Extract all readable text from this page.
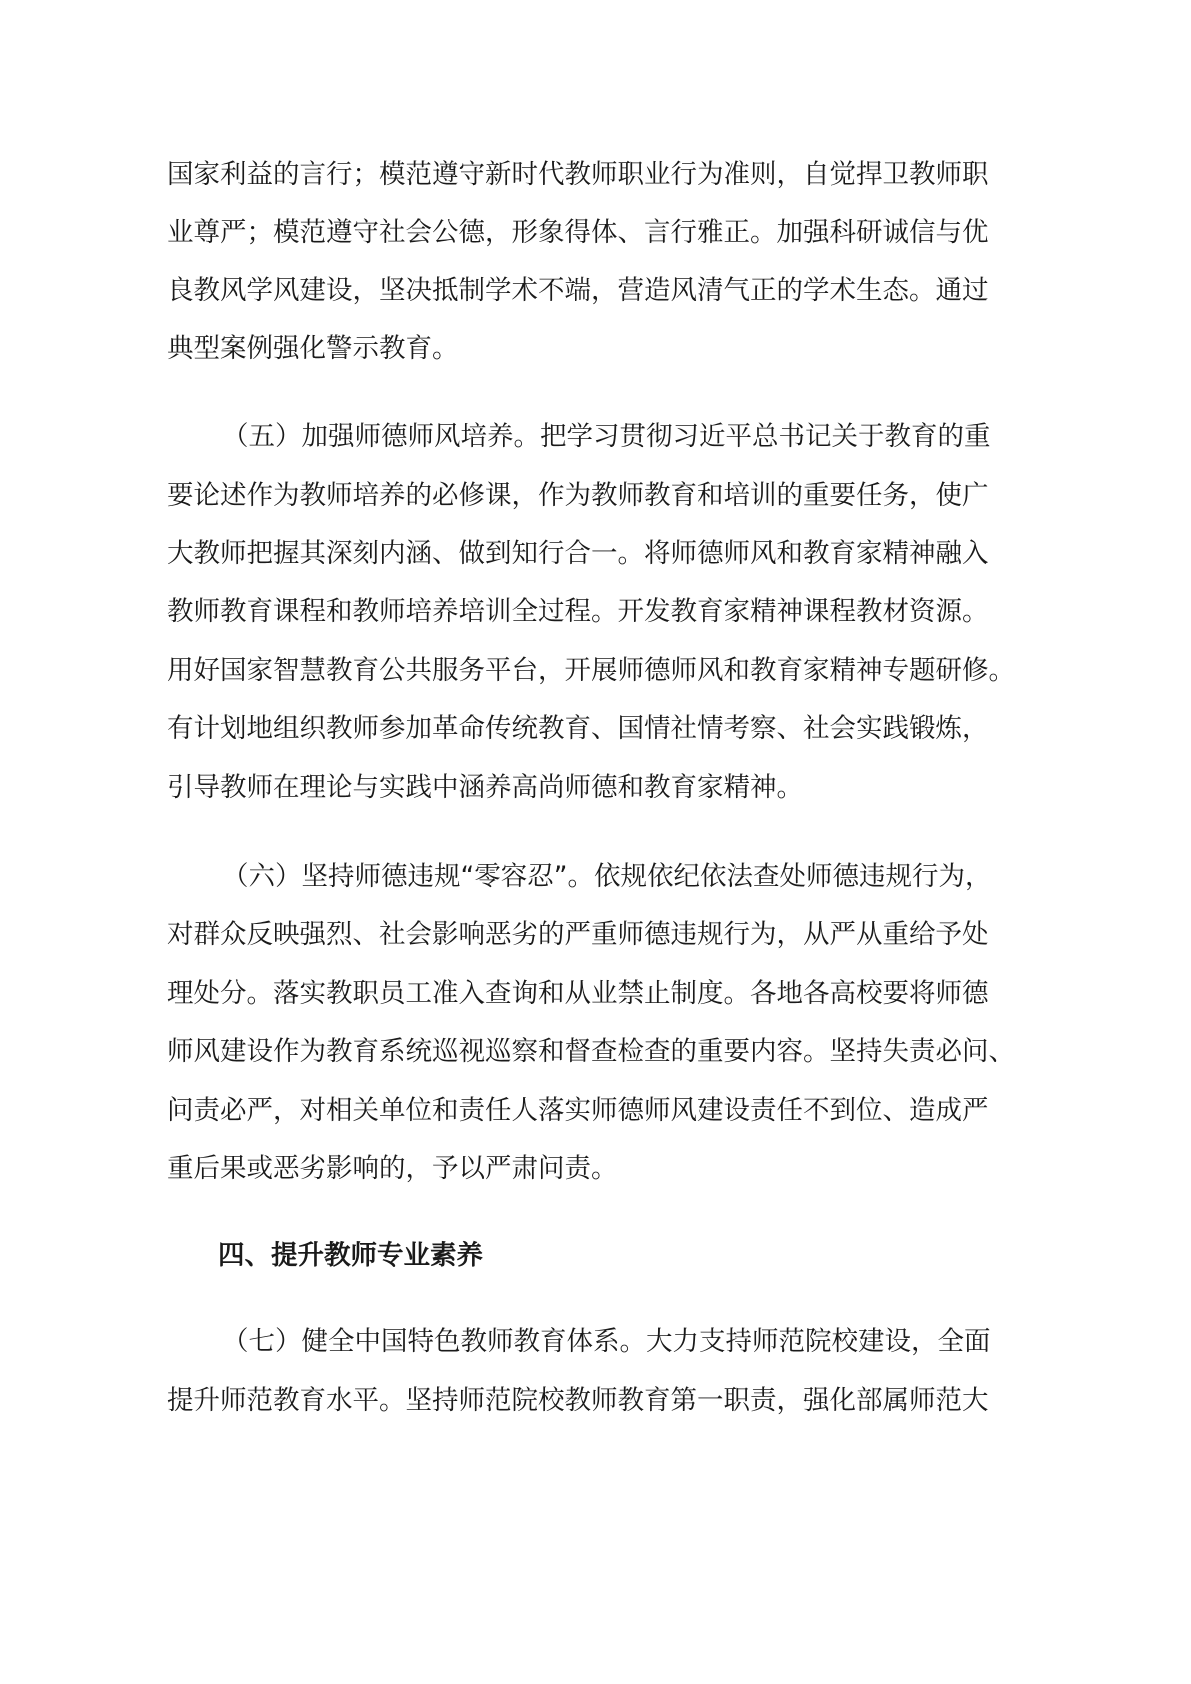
国家利益的言行；模范遵守新时代教师职业行为准则，自觉捍卫教师职
业尊严；模范遵守社会公德，形象得体、言行雅正。加强科研诚信与优
良教风学风建设，坚决抵制学术不端，营造风清气正的学术生态。通过
典型案例强化警示教育。
（五）加强师德师风培养。把学习贯彻习近平总书记关于教育的重
要论述作为教师培养的必修课，作为教师教育和培训的重要任务，使广
大教师把握其深刻内涵、做到知行合一。将师德师风和教育家精神融入
教师教育课程和教师培养培训全过程。开发教育家精神课程教材资源。
用好国家智慧教育公共服务平台，开展师德师风和教育家精神专题研修。
有计划地组织教师参加革命传统教育、国情社情考察、社会实践锻炼，
引导教师在理论与实践中涵养高尚师德和教育家精神。
（六）坚持师德违规“零容忍”。依规依纪依法查处师德违规行为，
对群众反映强烈、社会影响恶劣的严重师德违规行为，从严从重给予处
理处分。落实教职员工准入查询和从业禁止制度。各地各高校要将师德
师风建设作为教育系统巡视巡察和督查检查的重要内容。坚持失责必问、
问责必严，对相关单位和责任人落实师德师风建设责任不到位、造成严
重后果或恶劣影响的，予以严肃问责。
四、提升教师专业素养
（七）健全中国特色教师教育体系。大力支持师范院校建设，全面
提升师范教育水平。坚持师范院校教师教育第一职责，强化部属师范大
